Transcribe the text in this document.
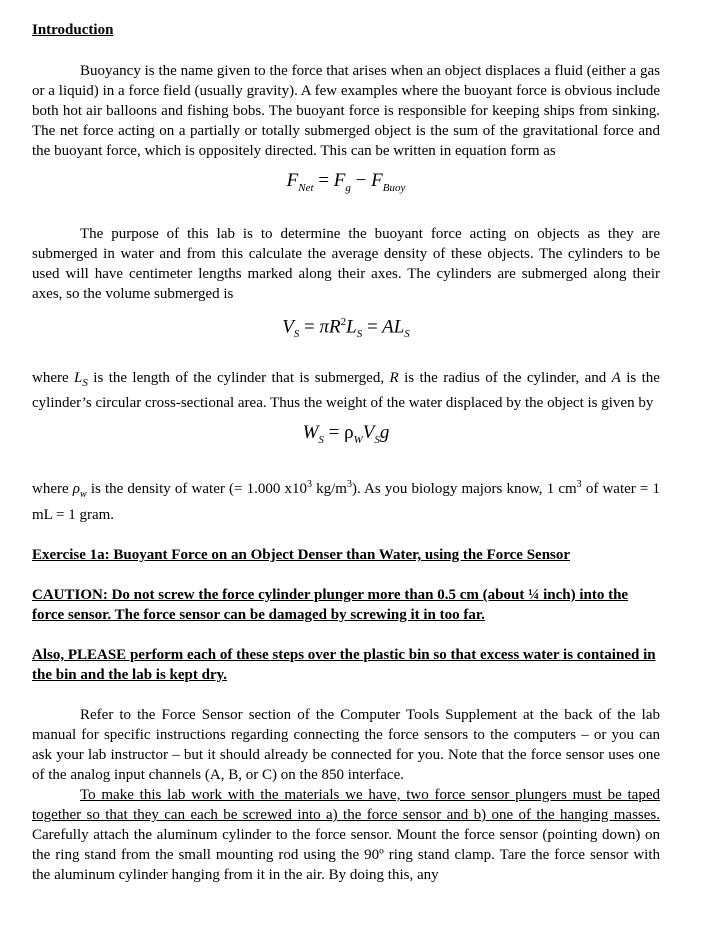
Introduction

Buoyancy is the name given to the force that arises when an object displaces a fluid (either a gas or a liquid) in a force field (usually gravity). A few examples where the buoyant force is obvious include both hot air balloons and fishing bobs. The buoyant force is responsible for keeping ships from sinking. The net force acting on a partially or totally submerged object is the sum of the gravitational force and the buoyant force, which is oppositely directed. This can be written in equation form as

$F_{Net} = F_g - F_{Buoy}$

The purpose of this lab is to determine the buoyant force acting on objects as they are submerged in water and from this calculate the average density of these objects. The cylinders to be used will have centimeter lengths marked along their axes. The cylinders are submerged along their axes, so the volume submerged is

$V_S = \pi R^2L_S = AL_S$

where $L_S$ is the length of the cylinder that is submerged, R is the radius of the cylinder, and A is the cylinder’s circular cross-sectional area. Thus the weight of the water displaced by the object is given by

$W_S = \rho_WV_Sg$

where $\rho_w$ is the density of water (= 1.000 $x10^3$ $kg/m^3$). As you biology majors know, 1 $cm^3$ of water = 1 mL = 1 gram.

Exercise 1a: Buoyant Force on an Object Denser than Water, using the Force Sensor

CAUTION: Do not screw the force cylinder plunger more than 0.5 cm (about ¼ inch) into the force sensor. The force sensor can be damaged by screwing it in too far.

Also, PLEASE perform each of these steps over the plastic bin so that excess water is contained in the bin and the lab is kept dry.

Refer to the Force Sensor section of the Computer Tools Supplement at the back of the lab manual for specific instructions regarding connecting the force sensors to the computers – or you can ask your lab instructor – but it should already be connected for you. Note that the force sensor uses one of the analog input channels (A, B, or C) on the 850 interface.

To make this lab work with the materials we have, two force sensor plungers must be taped together so that they can each be screwed into a) the force sensor and b) one of the hanging masses. Carefully attach the aluminum cylinder to the force sensor. Mount the force sensor (pointing down) on the ring stand from the small mounting rod using the 90º ring stand clamp. Tare the force sensor with the aluminum cylinder hanging from it in the air. By doing this, any
